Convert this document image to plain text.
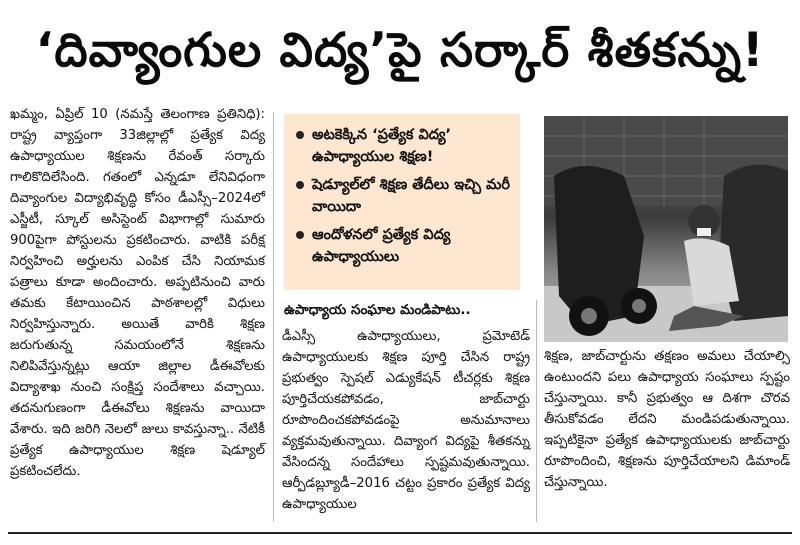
‘దివ్యాంగుల విద్య’పై సర్కార్‌ శీతకన్ను!

ఖమ్మం, ఏప్రిల్‌ 10 (నమస్తే తెలంగాణ ప్రతినిధి): రాష్ట్ర వ్యాప్తంగా 33జిల్లాల్లో ప్రత్యేక విద్య ఉపాధ్యాయుల శిక్షణను రేవంత్‌ సర్కారు గాలికొదిలేసింది. గతంలో ఎన్నడూ లేనివిధంగా దివ్యాంగుల విద్యాభివృద్ధి కోసం డీఎస్సీ–2024లో ఎస్జీటీ, స్కూల్‌ అసిస్టెంట్‌ విభాగాల్లో సుమారు 900పైగా పోస్టులను ప్రకటించారు. వాటికి పరీక్ష నిర్వహించి అర్హులను ఎంపిక చేసి నియామక పత్రాలు కూడా అందించారు. అప్పటినుంచి వారు తమకు కేటాయించిన పాఠశాలల్లో విధులు నిర్వహిస్తున్నారు. అయితే వారికి శిక్షణ జరుగుతున్న సమయంలోనే శిక్షణను నిలిపివేస్తున్నట్లు ఆయా జిల్లాల డీఈవోలకు విద్యాశాఖ నుంచి సంక్షిప్త సందేశాలు వచ్చాయి. తదనుగుణంగా డీఈవోలు శిక్షణను వాయిదా వేశారు. ఇది జరిగి నెలలో జులు కావస్తున్నా.. నేటికీ ప్రత్యేక ఉపాధ్యాయుల శిక్షణ షెడ్యూల్‌ ప్రకటించలేదు.

అటకెక్కిన ‘ప్రత్యేక విద్య’ ఉపాధ్యాయుల శిక్షణ!
షెడ్యూల్‌లో శిక్షణ తేదీలు ఇచ్చి మరీ వాయిదా
ఆందోళనలో ప్రత్యేక విద్య ఉపాధ్యాయులు
ఉపాధ్యాయ సంఘాల మండిపాటు..

డీఎస్సీ ఉపాధ్యాయులు, ప్రమోటెడ్‌ ఉపాధ్యాయులకు శిక్షణ పూర్తి చేసిన రాష్ట్ర ప్రభుత్వం స్పెషల్‌ ఎడ్యుకేషన్‌ టీచర్లకు శిక్షణ పూర్తిచేయకపోవడం, జాబ్‌చార్టు రూపొందించకపోవడంపై అనుమానాలు వ్యక్తమవుతున్నాయి. దివ్యాంగ విద్యపై శీతకన్ను వేసిందన్న సందేహాలు స్పష్టమవుతున్నాయి. ఆర్పీడబ్ల్యూడీ–2016 చట్టం ప్రకారం ప్రత్యేక విద్య ఉపాధ్యాయుల

శిక్షణ, జాబ్‌చార్టును తక్షణం అమలు చేయాల్సి ఉంటుందని పలు ఉపాధ్యాయ సంఘాలు స్పష్టం చేస్తున్నాయి. కానీ ప్రభుత్వం ఆ దిశగా చొరవ తీసుకోవడం లేదని మండిపడుతున్నాయి. ఇప్పటికైనా ప్రత్యేక ఉపాధ్యాయులకు జాబ్‌చార్టు రూపొందించి, శిక్షణను పూర్తిచేయాలని డిమాండ్‌ చేస్తున్నాయి.
